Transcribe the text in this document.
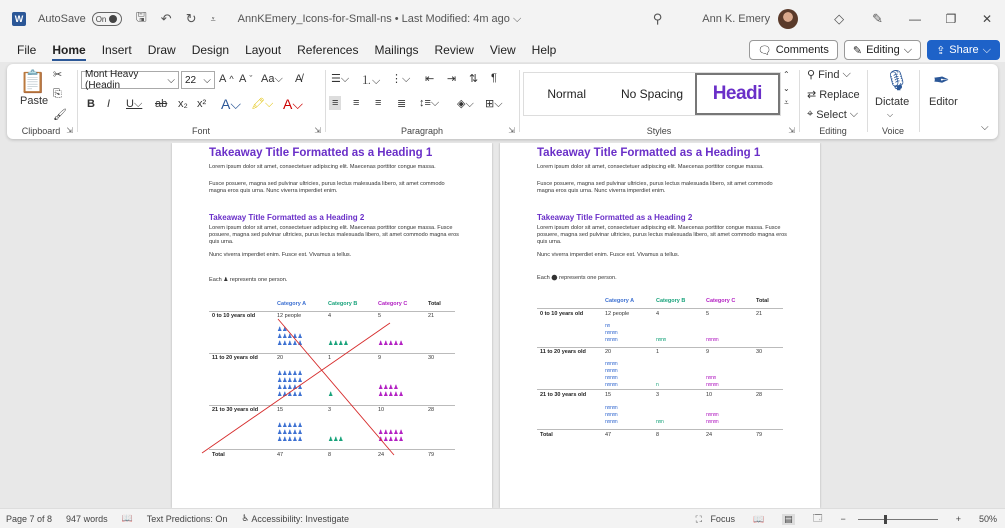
W AutoSave On 🖫 ↶ ↻ ⩡ AnnKEmery_Icons-for-Small-ns • Last Modified: 4m ago ⌵	⚲	Ann K. Emery	◇ ✎	—	❐	✕
File	Home	Insert	Draw	Design	Layout	References	Mailings	Review	View	Help	🗨 Comments ✎ Editing ⌵ ⇪ Share ⌵
📋
Paste
✂
⎘
🖌
Clipboard ⇲
Mont Heavy (Headin	⌵ 22 ⌵ A ^ A ˇ Aa⌵ A̸
B I U⌵ ab x₂ x² A⌵ 🖍⌵ A⌵
Font	⇲
☰⌵ ⒈⌵ ⋮⌵ ⇤ ⇥ ⇅ ¶
≡ ≡ ≡ ≣ ↕≡⌵ ◈⌵ ⊞⌵
Paragraph	⇲
Normal	No Spacing	Headi
⌃
⌄
⩡
Styles	⇲
⚲ Find ⌵
⇄ Replace
⌖ Select ⌵
Editing
🎙
Dictate
⌵
Voice
✒
Editor
⌵
Takeaway Title Formatted as a Heading 1
Lorem ipsum dolor sit amet, consectetuer adipiscing elit. Maecenas porttitor congue massa.
Fusce posuere, magna sed pulvinar ultricies, purus lectus malesuada libero, sit amet commodo magna eros quis urna. Nunc viverra imperdiet enim.
Takeaway Title Formatted as a Heading 2
Lorem ipsum dolor sit amet, consectetuer adipiscing elit. Maecenas porttitor congue massa. Fusce posuere, magna sed pulvinar ultricies, purus lectus malesuada libero, sit amet commodo magna eros quis urna.
Nunc viverra imperdiet enim. Fusce est. Vivamus a tellus.
Each ♟ represents one person.
Category A	Category B	Category C	Total
0 to 10 years old	12 people	4	5	21
♟♟
♟♟♟♟♟
♟♟♟♟♟	♟♟♟♟	♟♟♟♟♟
11 to 20 years old	20	1	9	30
♟♟♟♟♟
♟♟♟♟♟
♟♟♟♟♟
♟♟♟♟♟	♟
♟♟♟♟
♟♟♟♟♟
21 to 30 years old	15	3	10	28
♟♟♟♟♟
♟♟♟♟♟
♟♟♟♟♟	♟♟♟
♟♟♟♟♟
♟♟♟♟♟
Total	47	8	24	79
Takeaway Title Formatted as a Heading 1
Lorem ipsum dolor sit amet, consectetuer adipiscing elit. Maecenas porttitor congue massa.
Fusce posuere, magna sed pulvinar ultricies, purus lectus malesuada libero, sit amet commodo magna eros quis urna. Nunc viverra imperdiet enim.
Takeaway Title Formatted as a Heading 2
Lorem ipsum dolor sit amet, consectetuer adipiscing elit. Maecenas porttitor congue massa. Fusce posuere, magna sed pulvinar ultricies, purus lectus malesuada libero, sit amet commodo magna eros quis urna.
Nunc viverra imperdiet enim. Fusce est. Vivamus a tellus.
Each ⬤ represents one person.
Category A	Category B	Category C	Total
0 to 10 years old	12 people	4	5	21
nn
nnnnn
nnnnn	nnnn	nnnnn
11 to 20 years old	20	1	9	30
nnnnn
nnnnn
nnnnn
nnnnn	n
nnnn
nnnnn
21 to 30 years old	15	3	10	28
nnnnn
nnnnn
nnnnn	nnn
nnnnn
nnnnn
Total	47	8	24	79
Page 7 of 8 947 words 📖 Text Predictions: On ♿ Accessibility: Investigate	⛶ Focus 📖 ▤ 🗔 −	+ 50%
